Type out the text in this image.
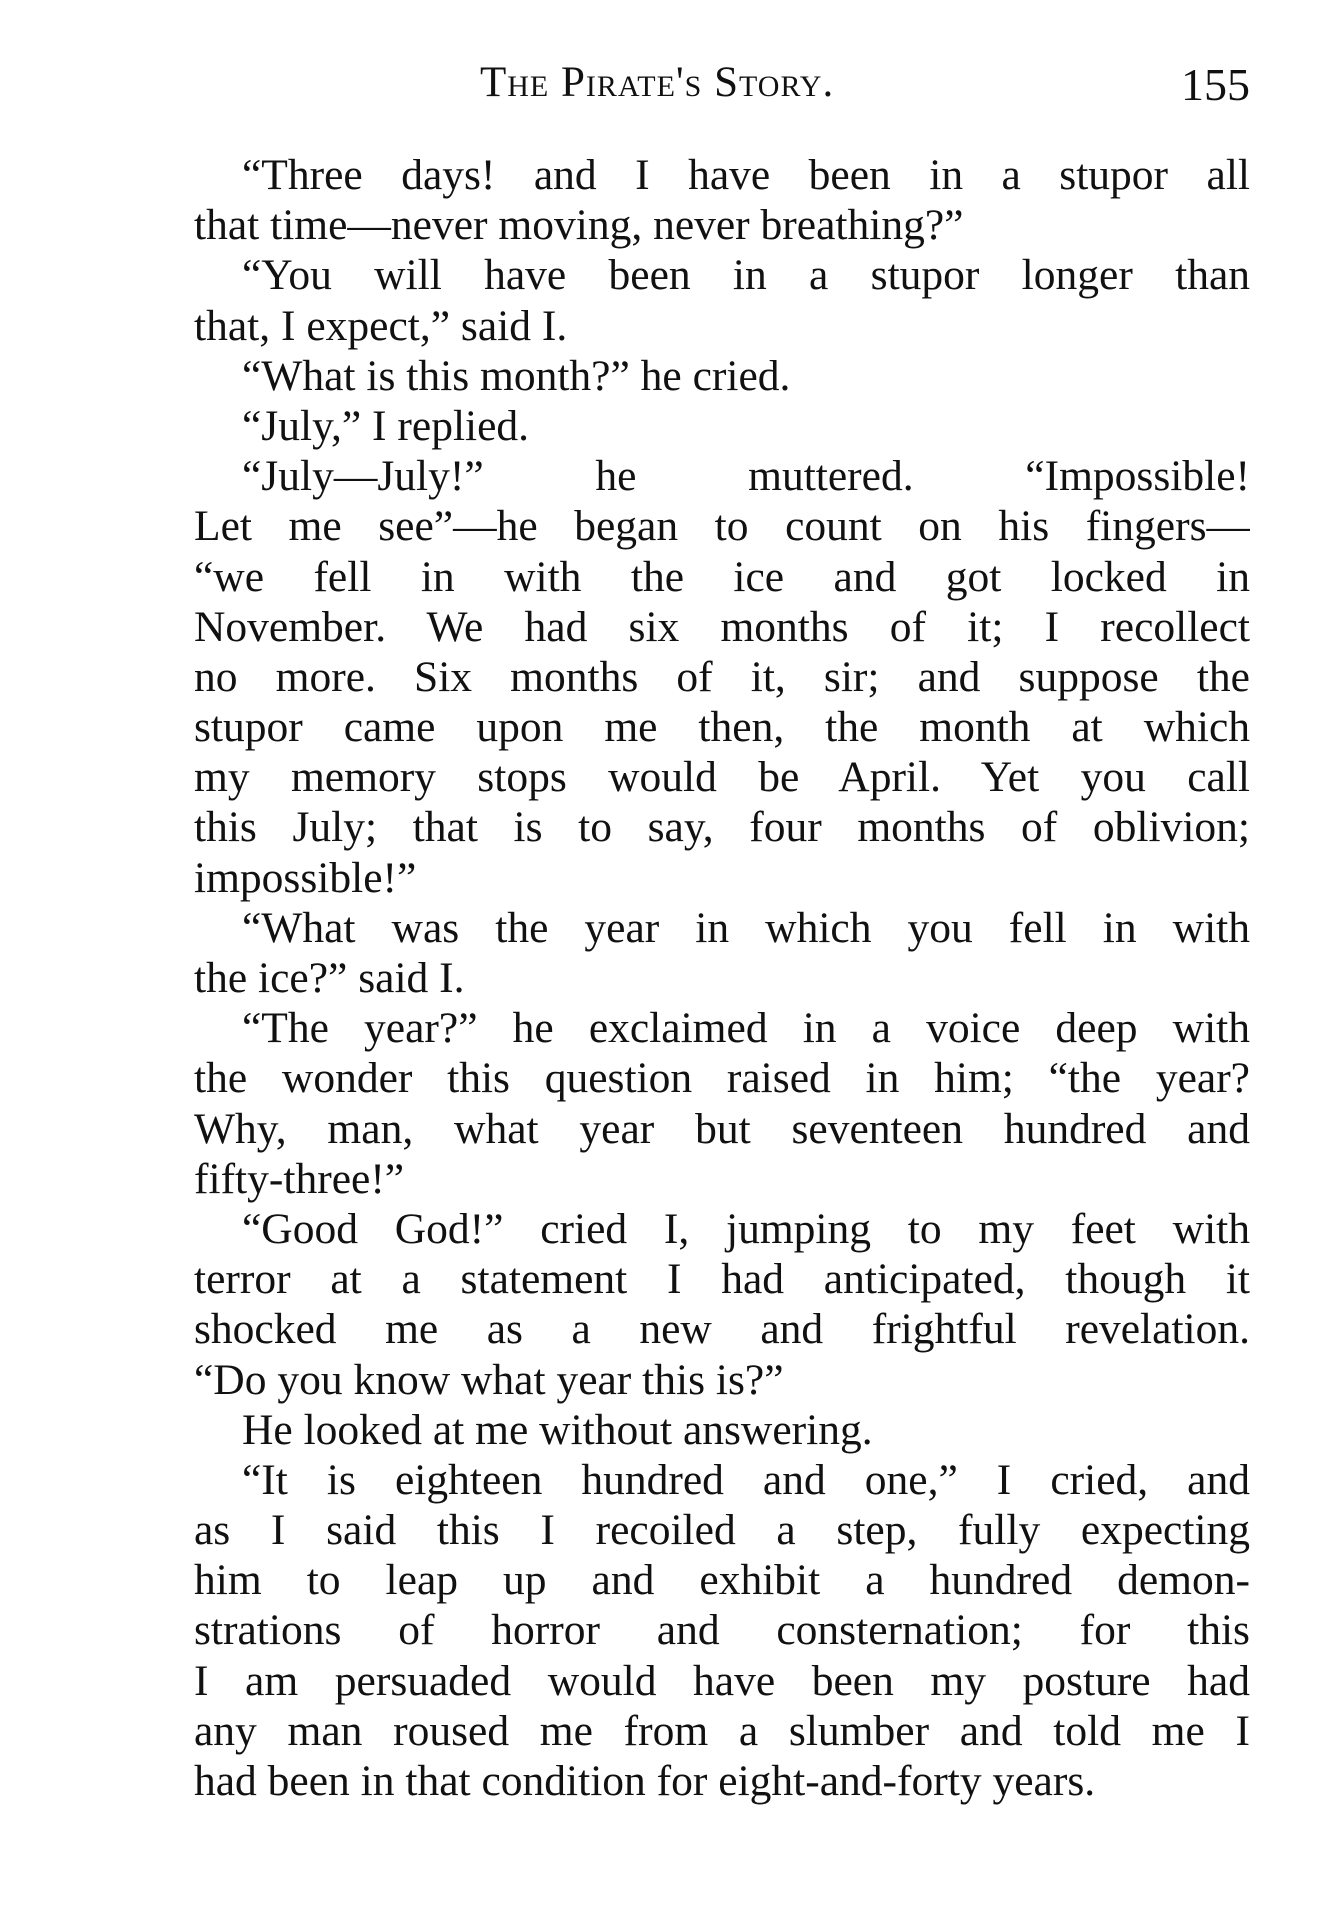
The Pirate's Story.	155
“Three days! and I have been in a stupor all
that time—never moving, never breathing?”
“You will have been in a stupor longer than
that, I expect,” said I.
“What is this month?” he cried.
“July,” I replied.
“July—July!” he muttered. “Impossible!
Let me see”—he began to count on his fingers—
“we fell in with the ice and got locked in
November. We had six months of it; I recollect
no more. Six months of it, sir; and suppose the
stupor came upon me then, the month at which
my memory stops would be April. Yet you call
this July; that is to say, four months of oblivion;
impossible!”
“What was the year in which you fell in with
the ice?” said I.
“The year?” he exclaimed in a voice deep with
the wonder this question raised in him; “the year?
Why, man, what year but seventeen hundred and
fifty-three!”
“Good God!” cried I, jumping to my feet with
terror at a statement I had anticipated, though it
shocked me as a new and frightful revelation.
“Do you know what year this is?”
He looked at me without answering.
“It is eighteen hundred and one,” I cried, and
as I said this I recoiled a step, fully expecting
him to leap up and exhibit a hundred demon-
strations of horror and consternation; for this
I am persuaded would have been my posture had
any man roused me from a slumber and told me I
had been in that condition for eight-and-forty years.
